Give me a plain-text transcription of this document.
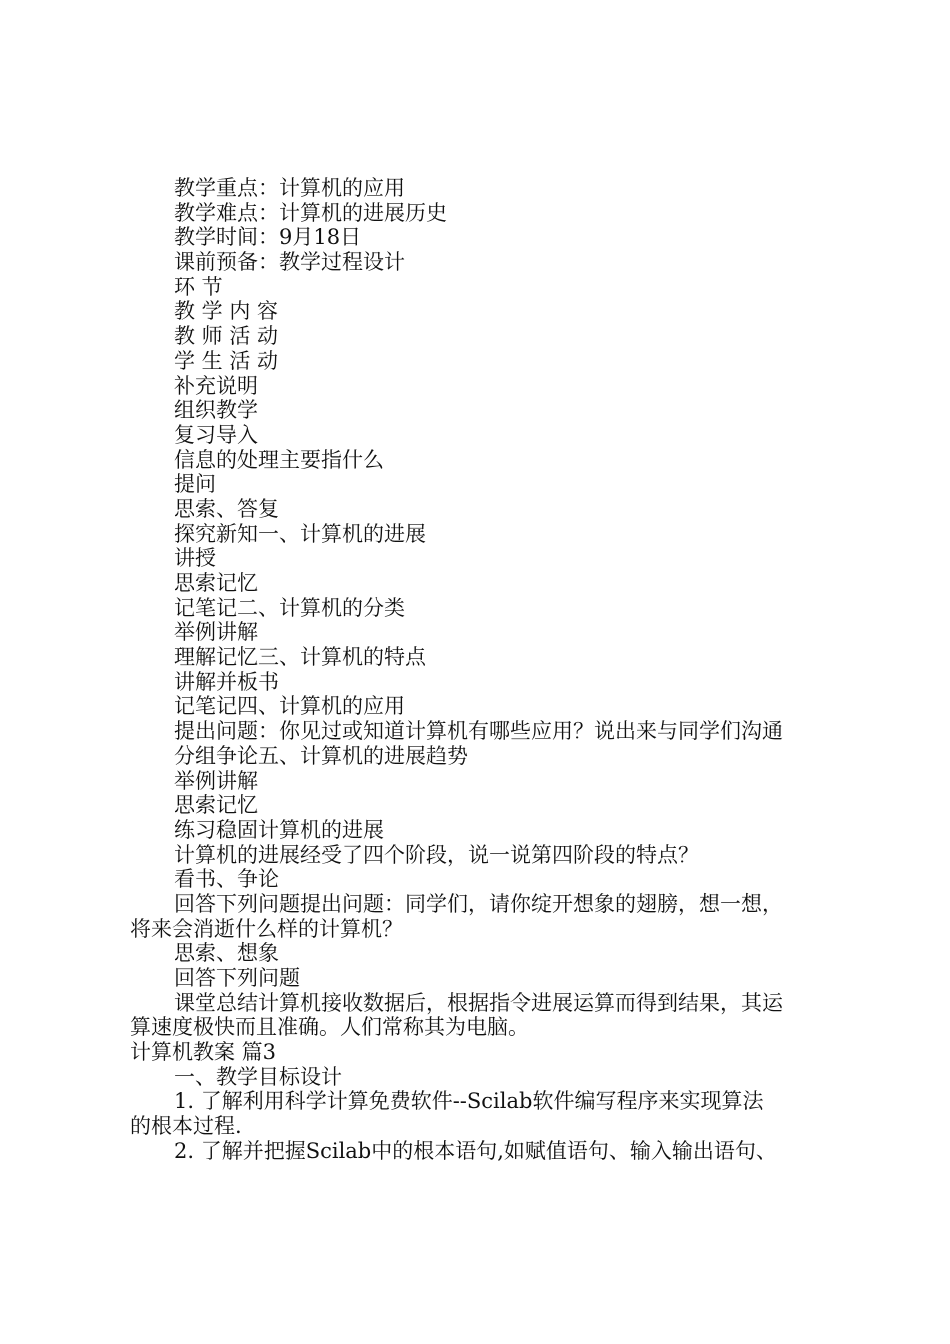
教学重点：计算机的应用
教学难点：计算机的进展历史
教学时间：9月18日
课前预备：教学过程设计
环 节
教 学 内 容
教 师 活 动
学 生 活 动
补充说明
组织教学
复习导入
信息的处理主要指什么
提问
思索、答复
探究新知一、计算机的进展
讲授
思索记忆
记笔记二、计算机的分类
举例讲解
理解记忆三、计算机的特点
讲解并板书
记笔记四、计算机的应用
提出问题：你见过或知道计算机有哪些应用？说出来与同学们沟通
分组争论五、计算机的进展趋势
举例讲解
思索记忆
练习稳固计算机的进展
计算机的进展经受了四个阶段，说一说第四阶段的特点？
看书、争论
回答下列问题提出问题：同学们，请你绽开想象的翅膀，想一想，
将来会消逝什么样的计算机？
思索、想象
回答下列问题
课堂总结计算机接收数据后，根据指令进展运算而得到结果，其运
算速度极快而且准确。人们常称其为电脑。
计算机教案 篇3
一、教学目标设计
1. 了解利用科学计算免费软件--Scilab软件编写程序来实现算法
的根本过程.
2. 了解并把握Scilab中的根本语句,如赋值语句、输入输出语句、
